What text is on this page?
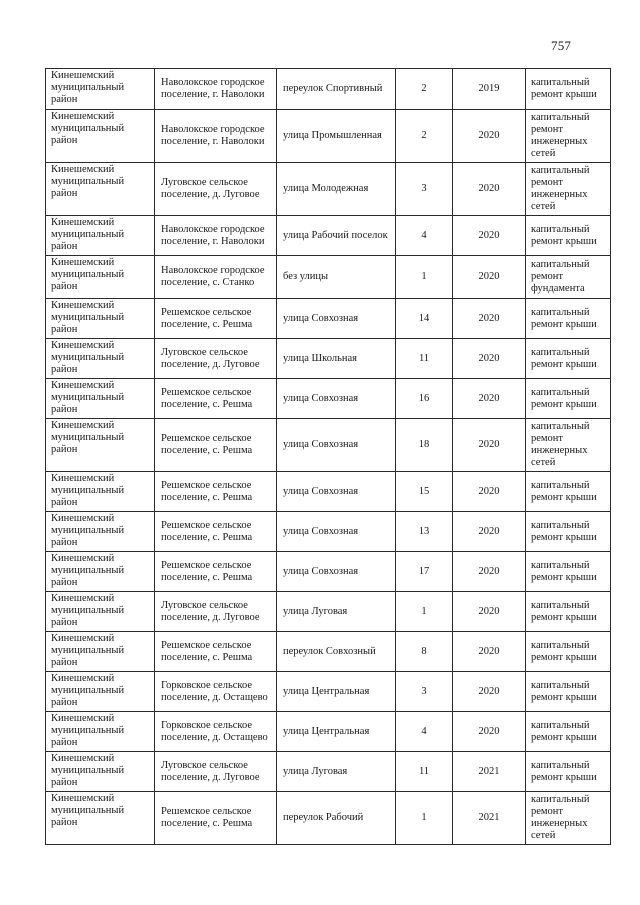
757
Кинешемский муниципальный район	Наволокское городское поселение, г. Наволоки	переулок Спортивный	2	2019	капитальный ремонт крыши
Кинешемский муниципальный район	Наволокское городское поселение, г. Наволоки	улица Промышленная	2	2020	капитальный ремонт инженерных сетей
Кинешемский муниципальный район	Луговское сельское поселение, д. Луговое	улица Молодежная	3	2020	капитальный ремонт инженерных сетей
Кинешемский муниципальный район	Наволокское городское поселение, г. Наволоки	улица Рабочий поселок	4	2020	капитальный ремонт крыши
Кинешемский муниципальный район	Наволокское городское поселение, с. Станко	без улицы	1	2020	капитальный ремонт фундамента
Кинешемский муниципальный район	Решемское сельское поселение, с. Решма	улица Совхозная	14	2020	капитальный ремонт крыши
Кинешемский муниципальный район	Луговское сельское поселение, д. Луговое	улица Школьная	11	2020	капитальный ремонт крыши
Кинешемский муниципальный район	Решемское сельское поселение, с. Решма	улица Совхозная	16	2020	капитальный ремонт крыши
Кинешемский муниципальный район	Решемское сельское поселение, с. Решма	улица Совхозная	18	2020	капитальный ремонт инженерных сетей
Кинешемский муниципальный район	Решемское сельское поселение, с. Решма	улица Совхозная	15	2020	капитальный ремонт крыши
Кинешемский муниципальный район	Решемское сельское поселение, с. Решма	улица Совхозная	13	2020	капитальный ремонт крыши
Кинешемский муниципальный район	Решемское сельское поселение, с. Решма	улица Совхозная	17	2020	капитальный ремонт крыши
Кинешемский муниципальный район	Луговское сельское поселение, д. Луговое	улица Луговая	1	2020	капитальный ремонт крыши
Кинешемский муниципальный район	Решемское сельское поселение, с. Решма	переулок Совхозный	8	2020	капитальный ремонт крыши
Кинешемский муниципальный район	Горковское сельское поселение, д. Остащево	улица Центральная	3	2020	капитальный ремонт крыши
Кинешемский муниципальный район	Горковское сельское поселение, д. Остащево	улица Центральная	4	2020	капитальный ремонт крыши
Кинешемский муниципальный район	Луговское сельское поселение, д. Луговое	улица Луговая	11	2021	капитальный ремонт крыши
Кинешемский муниципальный район	Решемское сельское поселение, с. Решма	переулок Рабочий	1	2021	капитальный ремонт инженерных сетей
